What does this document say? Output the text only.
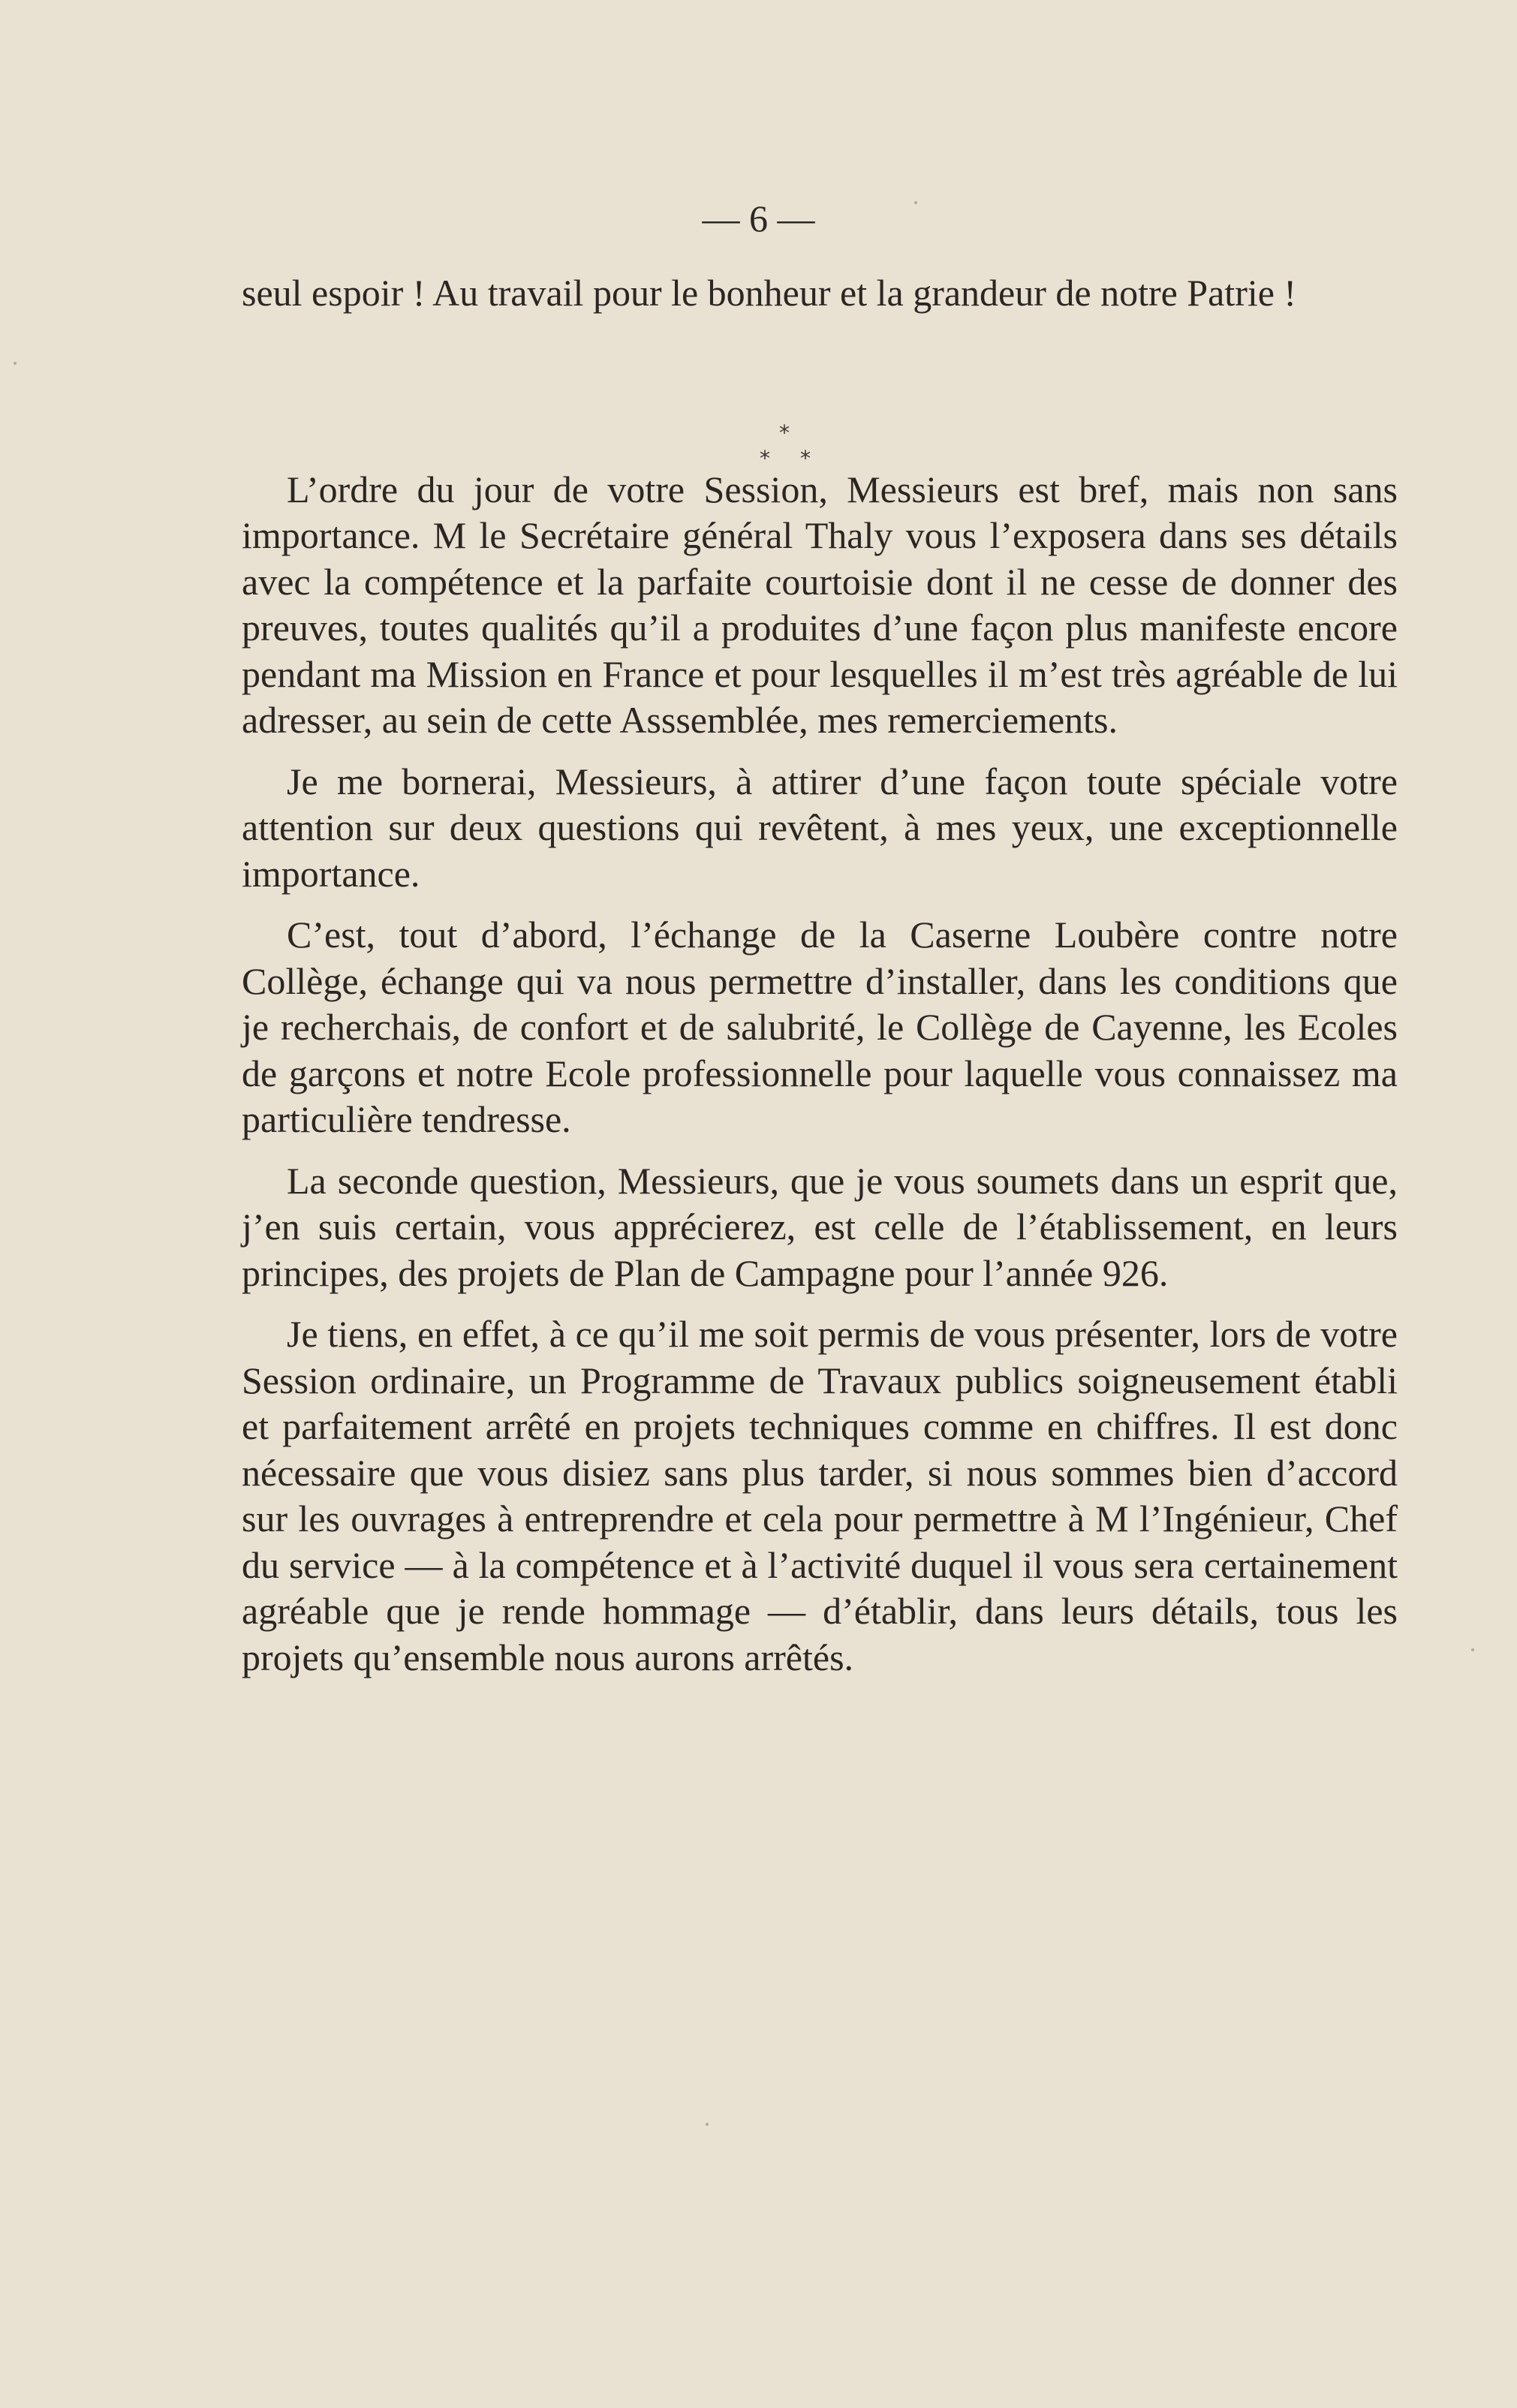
— 6 —
*
* *

seul espoir ! Au travail pour le bonheur et la grandeur de notre Patrie !

L’ordre du jour de votre Session, Messieurs est bref, mais non sans importance. M le Secrétaire général Thaly vous l’exposera dans ses détails avec la compétence et la parfaite courtoisie dont il ne cesse de donner des preuves, toutes qualités qu’il a produites d’une façon plus manifeste encore pendant ma Mission en France et pour lesquelles il m’est très agréable de lui adresser, au sein de cette Asssemblée, mes remerciements.

Je me bornerai, Messieurs, à attirer d’une façon toute spéciale votre attention sur deux questions qui revêtent, à mes yeux, une exceptionnelle importance.

C’est, tout d’abord, l’échange de la Caserne Loubère contre notre Collège, échange qui va nous permettre d’installer, dans les conditions que je recherchais, de confort et de salubrité, le Collège de Cayenne, les Ecoles de garçons et notre Ecole professionnelle pour laquelle vous connaissez ma particulière tendresse.

La seconde question, Messieurs, que je vous soumets dans un esprit que, j’en suis certain, vous apprécierez, est celle de l’établissement, en leurs principes, des projets de Plan de Campagne pour l’année 926.

Je tiens, en effet, à ce qu’il me soit permis de vous présenter, lors de votre Session ordinaire, un Programme de Travaux publics soigneusement établi et parfaitement arrêté en projets techniques comme en chiffres. Il est donc nécessaire que vous disiez sans plus tarder, si nous sommes bien d’accord sur les ouvrages à entreprendre et cela pour permettre à M l’Ingénieur, Chef du service — à la compétence et à l’activité duquel il vous sera certainement agréable que je rende hommage — d’établir, dans leurs détails, tous les projets qu’ensemble nous aurons arrêtés.
